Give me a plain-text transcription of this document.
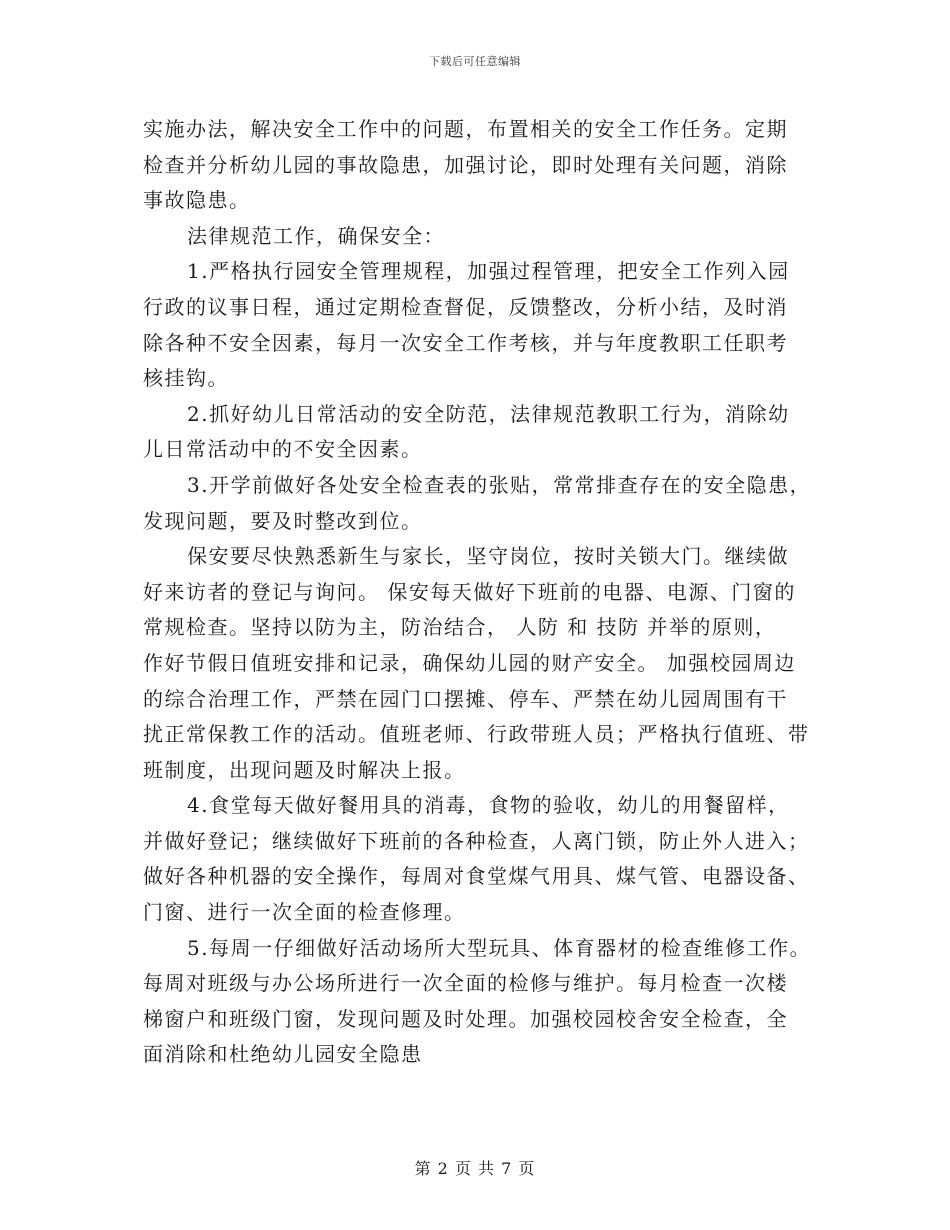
下载后可任意编辑
实施办法，解决安全工作中的问题，布置相关的安全工作任务。定期
检查并分析幼儿园的事故隐患，加强讨论，即时处理有关问题，消除
事故隐患。
法律规范工作，确保安全：
1.严格执行园安全管理规程，加强过程管理，把安全工作列入园
行政的议事日程，通过定期检查督促，反馈整改，分析小结，及时消
除各种不安全因素，每月一次安全工作考核，并与年度教职工任职考
核挂钩。
2.抓好幼儿日常活动的安全防范，法律规范教职工行为，消除幼
儿日常活动中的不安全因素。
3.开学前做好各处安全检查表的张贴，常常排查存在的安全隐患，
发现问题，要及时整改到位。
保安要尽快熟悉新生与家长，坚守岗位，按时关锁大门。继续做
好来访者的登记与询问。 保安每天做好下班前的电器、电源、门窗的
常规检查。坚持以防为主，防治结合， 人防 和 技防 并举的原则，
作好节假日值班安排和记录，确保幼儿园的财产安全。 加强校园周边
的综合治理工作，严禁在园门口摆摊、停车、严禁在幼儿园周围有干
扰正常保教工作的活动。值班老师、行政带班人员；严格执行值班、带
班制度，出现问题及时解决上报。
4.食堂每天做好餐用具的消毒，食物的验收，幼儿的用餐留样，
并做好登记；继续做好下班前的各种检查，人离门锁，防止外人进入；
做好各种机器的安全操作，每周对食堂煤气用具、煤气管、电器设备、
门窗、进行一次全面的检查修理。
5.每周一仔细做好活动场所大型玩具、体育器材的检查维修工作。
每周对班级与办公场所进行一次全面的检修与维护。每月检查一次楼
梯窗户和班级门窗，发现问题及时处理。加强校园校舍安全检查，全
面消除和杜绝幼儿园安全隐患
第 2 页 共 7 页
